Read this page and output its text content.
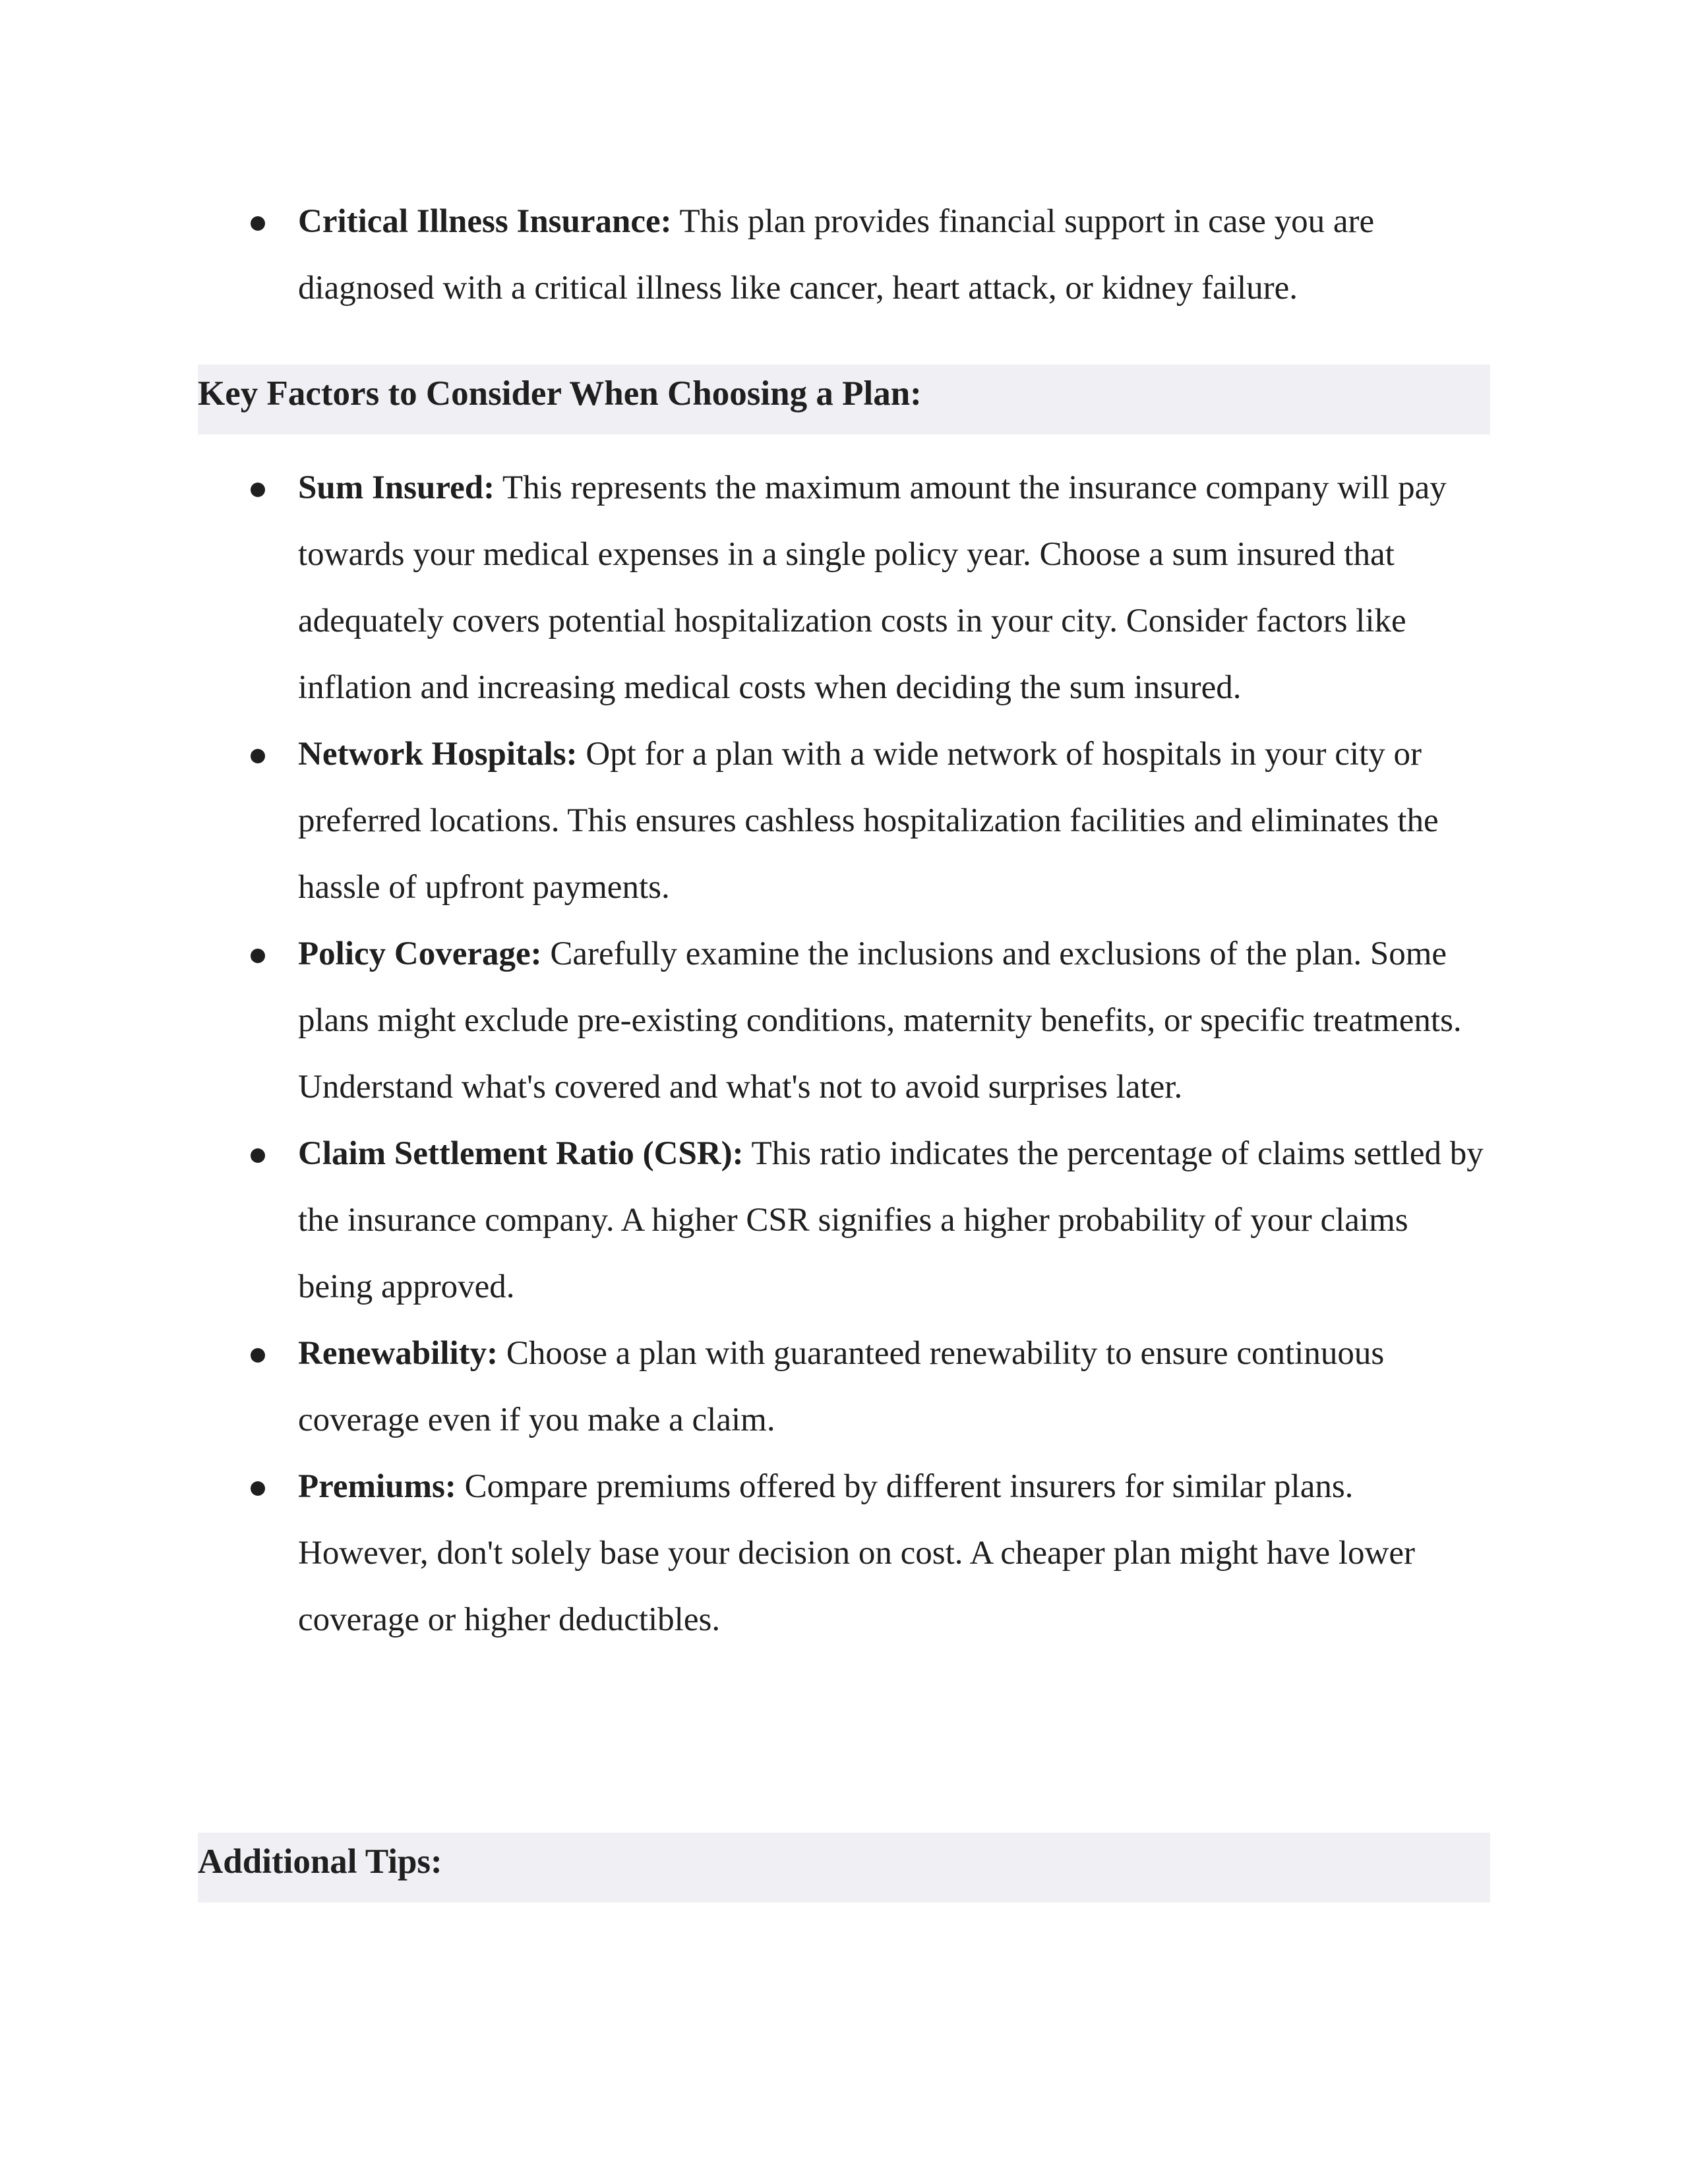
Critical Illness Insurance: This plan provides financial support in case you are diagnosed with a critical illness like cancer, heart attack, or kidney failure.
Key Factors to Consider When Choosing a Plan:
Sum Insured: This represents the maximum amount the insurance company will pay towards your medical expenses in a single policy year. Choose a sum insured that adequately covers potential hospitalization costs in your city. Consider factors like inflation and increasing medical costs when deciding the sum insured.
Network Hospitals: Opt for a plan with a wide network of hospitals in your city or preferred locations. This ensures cashless hospitalization facilities and eliminates the hassle of upfront payments.
Policy Coverage: Carefully examine the inclusions and exclusions of the plan. Some plans might exclude pre-existing conditions, maternity benefits, or specific treatments. Understand what's covered and what's not to avoid surprises later.
Claim Settlement Ratio (CSR): This ratio indicates the percentage of claims settled by the insurance company. A higher CSR signifies a higher probability of your claims being approved.
Renewability: Choose a plan with guaranteed renewability to ensure continuous coverage even if you make a claim.
Premiums: Compare premiums offered by different insurers for similar plans. However, don't solely base your decision on cost. A cheaper plan might have lower coverage or higher deductibles.
Additional Tips:
